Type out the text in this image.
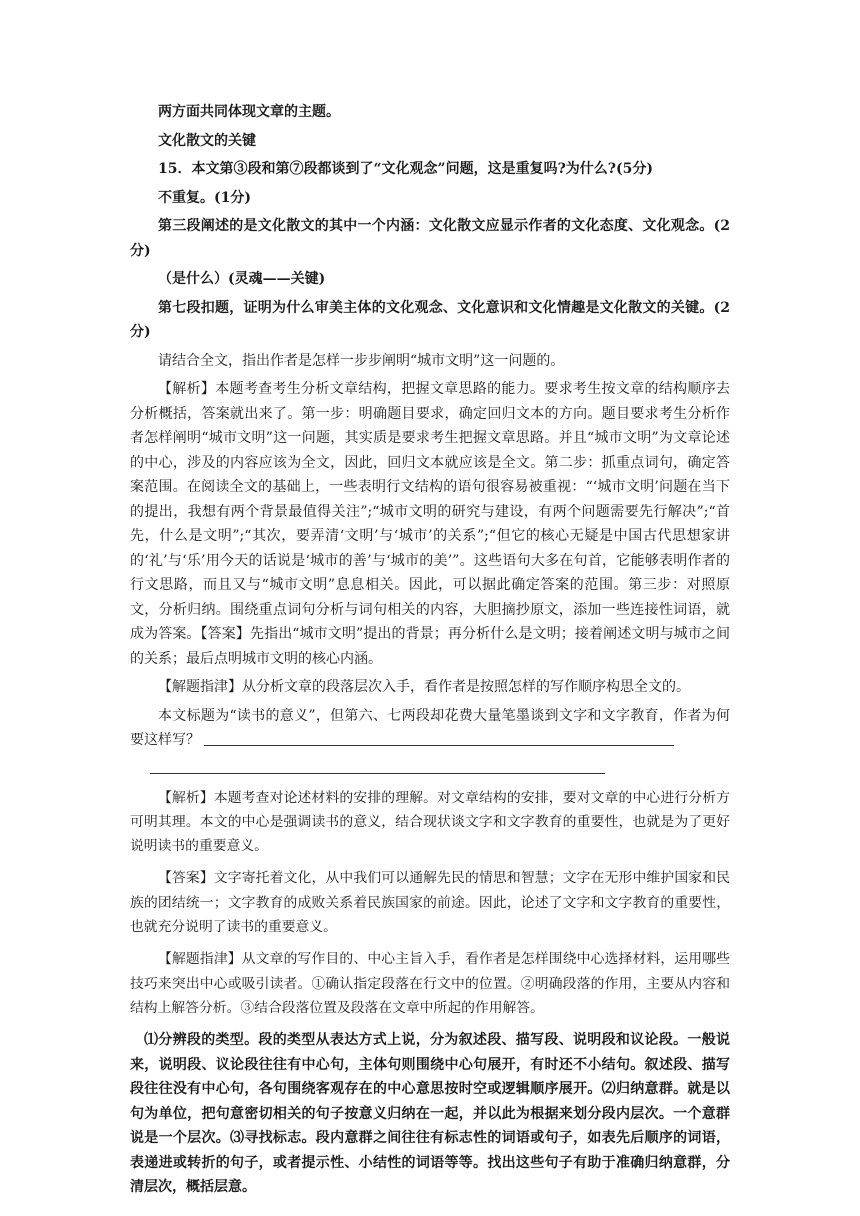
两方面共同体现文章的主题。

文化散文的关键

15．本文第③段和第⑦段都谈到了“文化观念”问题，这是重复吗?为什么?(5分)

不重复。(1分)

第三段阐述的是文化散文的其中一个内涵：文化散文应显示作者的文化态度、文化观念。(2分)

（是什么）(灵魂——关键)

第七段扣题，证明为什么审美主体的文化观念、文化意识和文化情趣是文化散文的关键。(2分)

请结合全文，指出作者是怎样一步步阐明“城市文明”这一问题的。

【解析】本题考查考生分析文章结构，把握文章思路的能力。要求考生按文章的结构顺序去分析概括，答案就出来了。第一步：明确题目要求，确定回归文本的方向。题目要求考生分析作者怎样阐明“城市文明”这一问题，其实质是要求考生把握文章思路。并且“城市文明”为文章论述的中心，涉及的内容应该为全文，因此，回归文本就应该是全文。第二步：抓重点词句，确定答案范围。在阅读全文的基础上，一些表明行文结构的语句很容易被重视：“‘城市文明’问题在当下的提出，我想有两个背景最值得关注”;“城市文明的研究与建设，有两个问题需要先行解决”;“首先，什么是文明”;“其次，要弄清‘文明’与‘城市’的关系”;“但它的核心无疑是中国古代思想家讲的‘礼’与‘乐’用今天的话说是‘城市的善’与‘城市的美’”。这些语句大多在句首，它能够表明作者的行文思路，而且又与“城市文明”息息相关。因此，可以据此确定答案的范围。第三步：对照原文，分析归纳。围绕重点词句分析与词句相关的内容，大胆摘抄原文，添加一些连接性词语，就成为答案。【答案】先指出“城市文明”提出的背景；再分析什么是文明；接着阐述文明与城市之间的关系；最后点明城市文明的核心内涵。

【解题指津】从分析文章的段落层次入手，看作者是按照怎样的写作顺序构思全文的。

本文标题为“读书的意义”，但第六、七两段却花费大量笔墨谈到文字和文字教育，作者为何要这样写？

【解析】本题考查对论述材料的安排的理解。对文章结构的安排，要对文章的中心进行分析方可明其理。本文的中心是强调读书的意义，结合现状谈文字和文字教育的重要性，也就是为了更好说明读书的重要意义。

【答案】文字寄托着文化，从中我们可以通解先民的情思和智慧；文字在无形中维护国家和民族的团结统一；文字教育的成败关系着民族国家的前途。因此，论述了文字和文字教育的重要性，也就充分说明了读书的重要意义。

【解题指津】从文章的写作目的、中心主旨入手，看作者是怎样围绕中心选择材料，运用哪些技巧来突出中心或吸引读者。①确认指定段落在行文中的位置。②明确段落的作用，主要从内容和结构上解答分析。③结合段落位置及段落在文章中所起的作用解答。

⑴分辨段的类型。段的类型从表达方式上说，分为叙述段、描写段、说明段和议论段。一般说来，说明段、议论段往往有中心句，主体句则围绕中心句展开，有时还不小结句。叙述段、描写段往往没有中心句，各句围绕客观存在的中心意思按时空或逻辑顺序展开。⑵归纳意群。就是以句为单位，把句意密切相关的句子按意义归纳在一起，并以此为根据来划分段内层次。一个意群说是一个层次。⑶寻找标志。段内意群之间往往有标志性的词语或句子，如表先后顺序的词语，表递进或转折的句子，或者提示性、小结性的词语等等。找出这些句子有助于准确归纳意群，分清层次，概括层意。
